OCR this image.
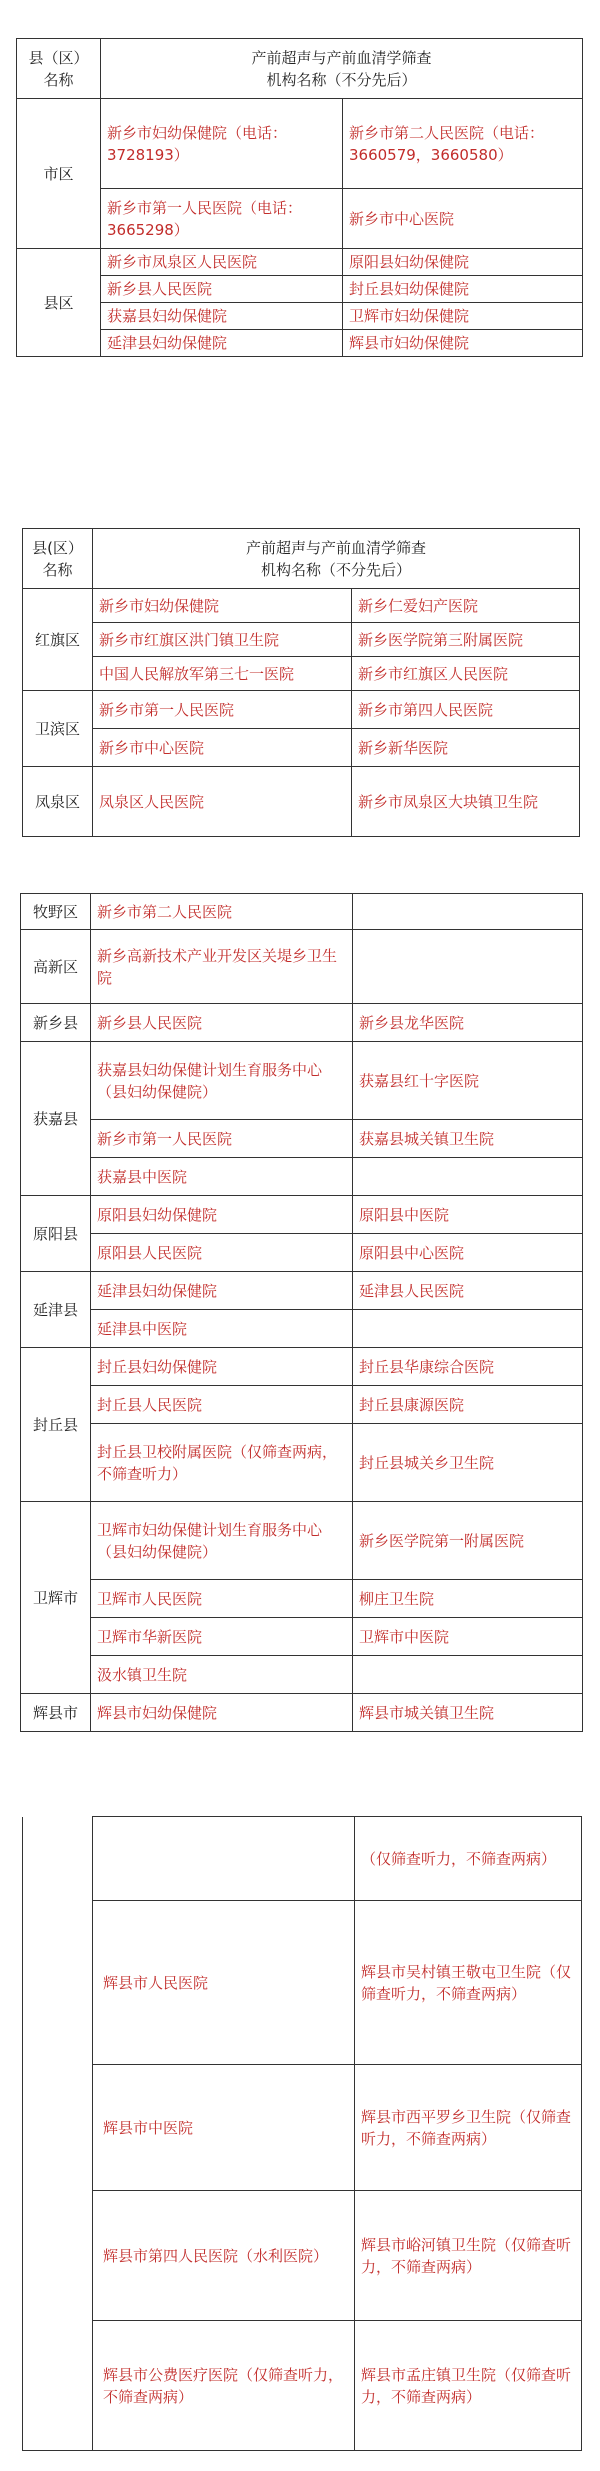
县（区）名称	产前超声与产前血清学筛查
机构名称（不分先后）	

市区	新乡市妇幼保健院（电话：3728193）	新乡市第二人民医院（电话：3660579，3660580）
	新乡市第一人民医院（电话：3665298）	新乡市中心医院
县区	新乡市凤泉区人民医院	原阳县妇幼保健院
	新乡县人民医院	封丘县妇幼保健院
	获嘉县妇幼保健院	卫辉市妇幼保健院
	延津县妇幼保健院	辉县市妇幼保健院
县(区）名称	产前超声与产前血清学筛查
机构名称（不分先后）	

红旗区	新乡市妇幼保健院	新乡仁爱妇产医院
	新乡市红旗区洪门镇卫生院	新乡医学院第三附属医院
	中国人民解放军第三七一医院	新乡市红旗区人民医院
卫滨区	新乡市第一人民医院	新乡市第四人民医院
	新乡市中心医院	新乡新华医院
凤泉区	凤泉区人民医院	新乡市凤泉区大块镇卫生院
牧野区	新乡市第二人民医院	
高新区	新乡高新技术产业开发区关堤乡卫生院	
新乡县	新乡县人民医院	新乡县龙华医院
获嘉县	获嘉县妇幼保健计划生育服务中心（县妇幼保健院）	获嘉县红十字医院
	新乡市第一人民医院	获嘉县城关镇卫生院
	获嘉县中医院	
原阳县	原阳县妇幼保健院	原阳县中医院
	原阳县人民医院	原阳县中心医院
延津县	延津县妇幼保健院	延津县人民医院
	延津县中医院	
封丘县	封丘县妇幼保健院	封丘县华康综合医院
	封丘县人民医院	封丘县康源医院
	封丘县卫校附属医院（仅筛查两病，不筛查听力）	封丘县城关乡卫生院
卫辉市	卫辉市妇幼保健计划生育服务中心（县妇幼保健院）	新乡医学院第一附属医院
	卫辉市人民医院	柳庄卫生院
	卫辉市华新医院	卫辉市中医院
	汲水镇卫生院	
辉县市	辉县市妇幼保健院	辉县市城关镇卫生院
		（仅筛查听力，不筛查两病）
	辉县市人民医院	辉县市吴村镇王敬屯卫生院（仅筛查听力，不筛查两病）
	辉县市中医院	辉县市西平罗乡卫生院（仅筛查听力，不筛查两病）
	辉县市第四人民医院（水利医院）	辉县市峪河镇卫生院（仅筛查听力，不筛查两病）
	辉县市公费医疗医院（仅筛查听力，不筛查两病）	辉县市孟庄镇卫生院（仅筛查听力，不筛查两病）
